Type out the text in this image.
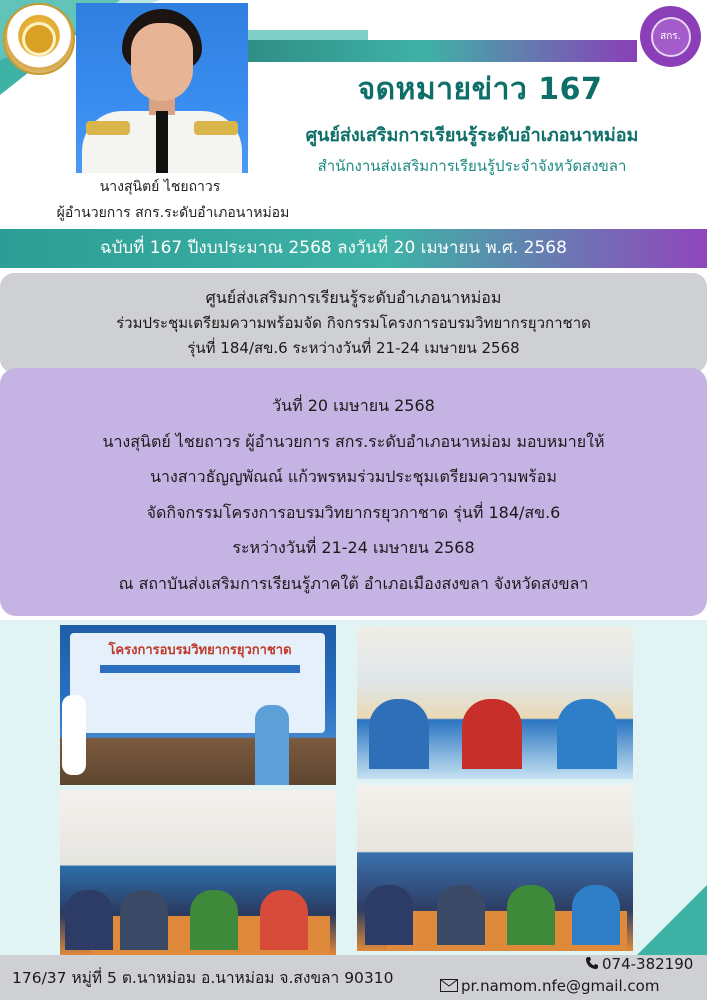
สกร.
นางสุนิตย์ ไชยถาวร
ผู้อำนวยการ สกร.ระดับอำเภอนาหม่อม
จดหมายข่าว 167
ศูนย์ส่งเสริมการเรียนรู้ระดับอำเภอนาหม่อม
สำนักงานส่งเสริมการเรียนรู้ประจำจังหวัดสงขลา
ฉบับที่ 167 ปีงบประมาณ 2568 ลงวันที่ 20 เมษายน พ.ศ. 2568
ศูนย์ส่งเสริมการเรียนรู้ระดับอำเภอนาหม่อม
ร่วมประชุมเตรียมความพร้อมจัด กิจกรรมโครงการอบรมวิทยากรยุวกาชาด
รุ่นที่ 184/สข.6 ระหว่างวันที่ 21-24 เมษายน 2568
วันที่ 20 เมษายน 2568
นางสุนิตย์ ไชยถาวร ผู้อำนวยการ สกร.ระดับอำเภอนาหม่อม มอบหมายให้
นางสาวธัญญพัณณ์ แก้วพรหมร่วมประชุมเตรียมความพร้อม
จัดกิจกรรมโครงการอบรมวิทยากรยุวกาชาด รุ่นที่ 184/สข.6
ระหว่างวันที่ 21-24 เมษายน 2568
ณ สถาบันส่งเสริมการเรียนรู้ภาคใต้ อำเภอเมืองสงขลา จังหวัดสงขลา
โครงการอบรมวิทยากรยุวกาชาด
176/37 หมู่ที่ 5 ต.นาหม่อม อ.นาหม่อม จ.สงขลา 90310
074-382190
pr.namom.nfe@gmail.com
